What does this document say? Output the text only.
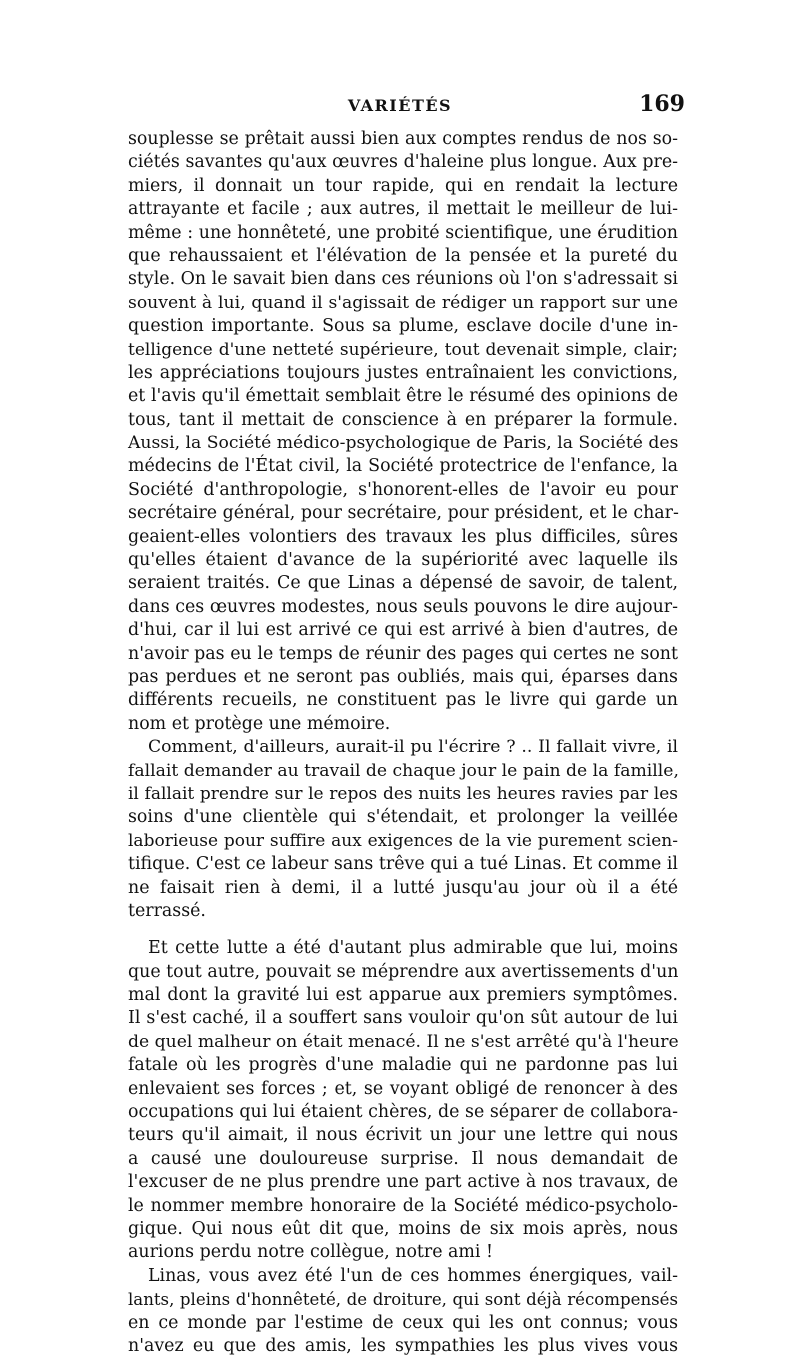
VARIÉTÉS	169
souplesse se prêtait aussi bien aux comptes rendus de nos so-
ciétés savantes qu'aux œuvres d'haleine plus longue. Aux pre-
miers, il donnait un tour rapide, qui en rendait la lecture
attrayante et facile ; aux autres, il mettait le meilleur de lui-
même : une honnêteté, une probité scientifique, une érudition
que rehaussaient et l'élévation de la pensée et la pureté du
style. On le savait bien dans ces réunions où l'on s'adressait si
souvent à lui, quand il s'agissait de rédiger un rapport sur une
question importante. Sous sa plume, esclave docile d'une in-
telligence d'une netteté supérieure, tout devenait simple, clair;
les appréciations toujours justes entraînaient les convictions,
et l'avis qu'il émettait semblait être le résumé des opinions de
tous, tant il mettait de conscience à en préparer la formule.
Aussi, la Société médico-psychologique de Paris, la Société des
médecins de l'État civil, la Société protectrice de l'enfance, la
Société d'anthropologie, s'honorent-elles de l'avoir eu pour
secrétaire général, pour secrétaire, pour président, et le char-
geaient-elles volontiers des travaux les plus difficiles, sûres
qu'elles étaient d'avance de la supériorité avec laquelle ils
seraient traités. Ce que Linas a dépensé de savoir, de talent,
dans ces œuvres modestes, nous seuls pouvons le dire aujour-
d'hui, car il lui est arrivé ce qui est arrivé à bien d'autres, de
n'avoir pas eu le temps de réunir des pages qui certes ne sont
pas perdues et ne seront pas oubliés, mais qui, éparses dans
différents recueils, ne constituent pas le livre qui garde un
nom et protège une mémoire.
Comment, d'ailleurs, aurait-il pu l'écrire ? .. Il fallait vivre, il
fallait demander au travail de chaque jour le pain de la famille,
il fallait prendre sur le repos des nuits les heures ravies par les
soins d'une clientèle qui s'étendait, et prolonger la veillée
laborieuse pour suffire aux exigences de la vie purement scien-
tifique. C'est ce labeur sans trêve qui a tué Linas. Et comme il
ne faisait rien à demi, il a lutté jusqu'au jour où il a été
terrassé.
Et cette lutte a été d'autant plus admirable que lui, moins
que tout autre, pouvait se méprendre aux avertissements d'un
mal dont la gravité lui est apparue aux premiers symptômes.
Il s'est caché, il a souffert sans vouloir qu'on sût autour de lui
de quel malheur on était menacé. Il ne s'est arrêté qu'à l'heure
fatale où les progrès d'une maladie qui ne pardonne pas lui
enlevaient ses forces ; et, se voyant obligé de renoncer à des
occupations qui lui étaient chères, de se séparer de collabora-
teurs qu'il aimait, il nous écrivit un jour une lettre qui nous
a causé une douloureuse surprise. Il nous demandait de
l'excuser de ne plus prendre une part active à nos travaux, de
le nommer membre honoraire de la Société médico-psycholo-
gique. Qui nous eût dit que, moins de six mois après, nous
aurions perdu notre collègue, notre ami !
Linas, vous avez été l'un de ces hommes énergiques, vail-
lants, pleins d'honnêteté, de droiture, qui sont déjà récompensés
en ce monde par l'estime de ceux qui les ont connus; vous
n'avez eu que des amis, les sympathies les plus vives vous
